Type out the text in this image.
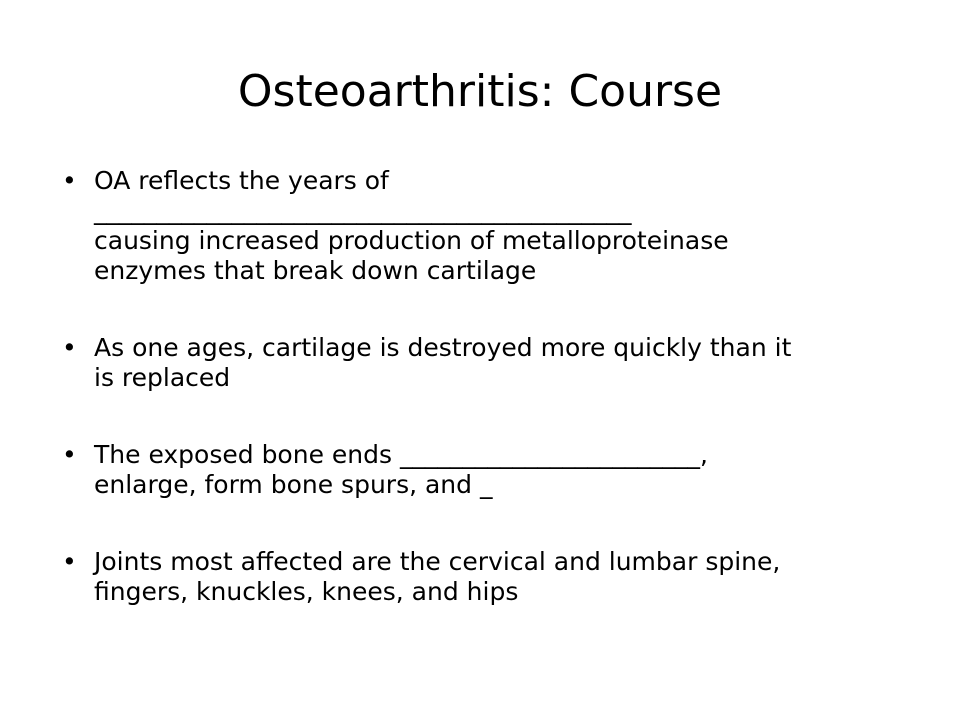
Osteoarthritis: Course
• OA reflects the years of
___________________________________________
causing increased production of metalloproteinase
enzymes that break down cartilage
• As one ages, cartilage is destroyed more quickly than it
is replaced
• The exposed bone ends ________________________,
enlarge, form bone spurs, and _
• Joints most affected are the cervical and lumbar spine,
fingers, knuckles, knees, and hips
